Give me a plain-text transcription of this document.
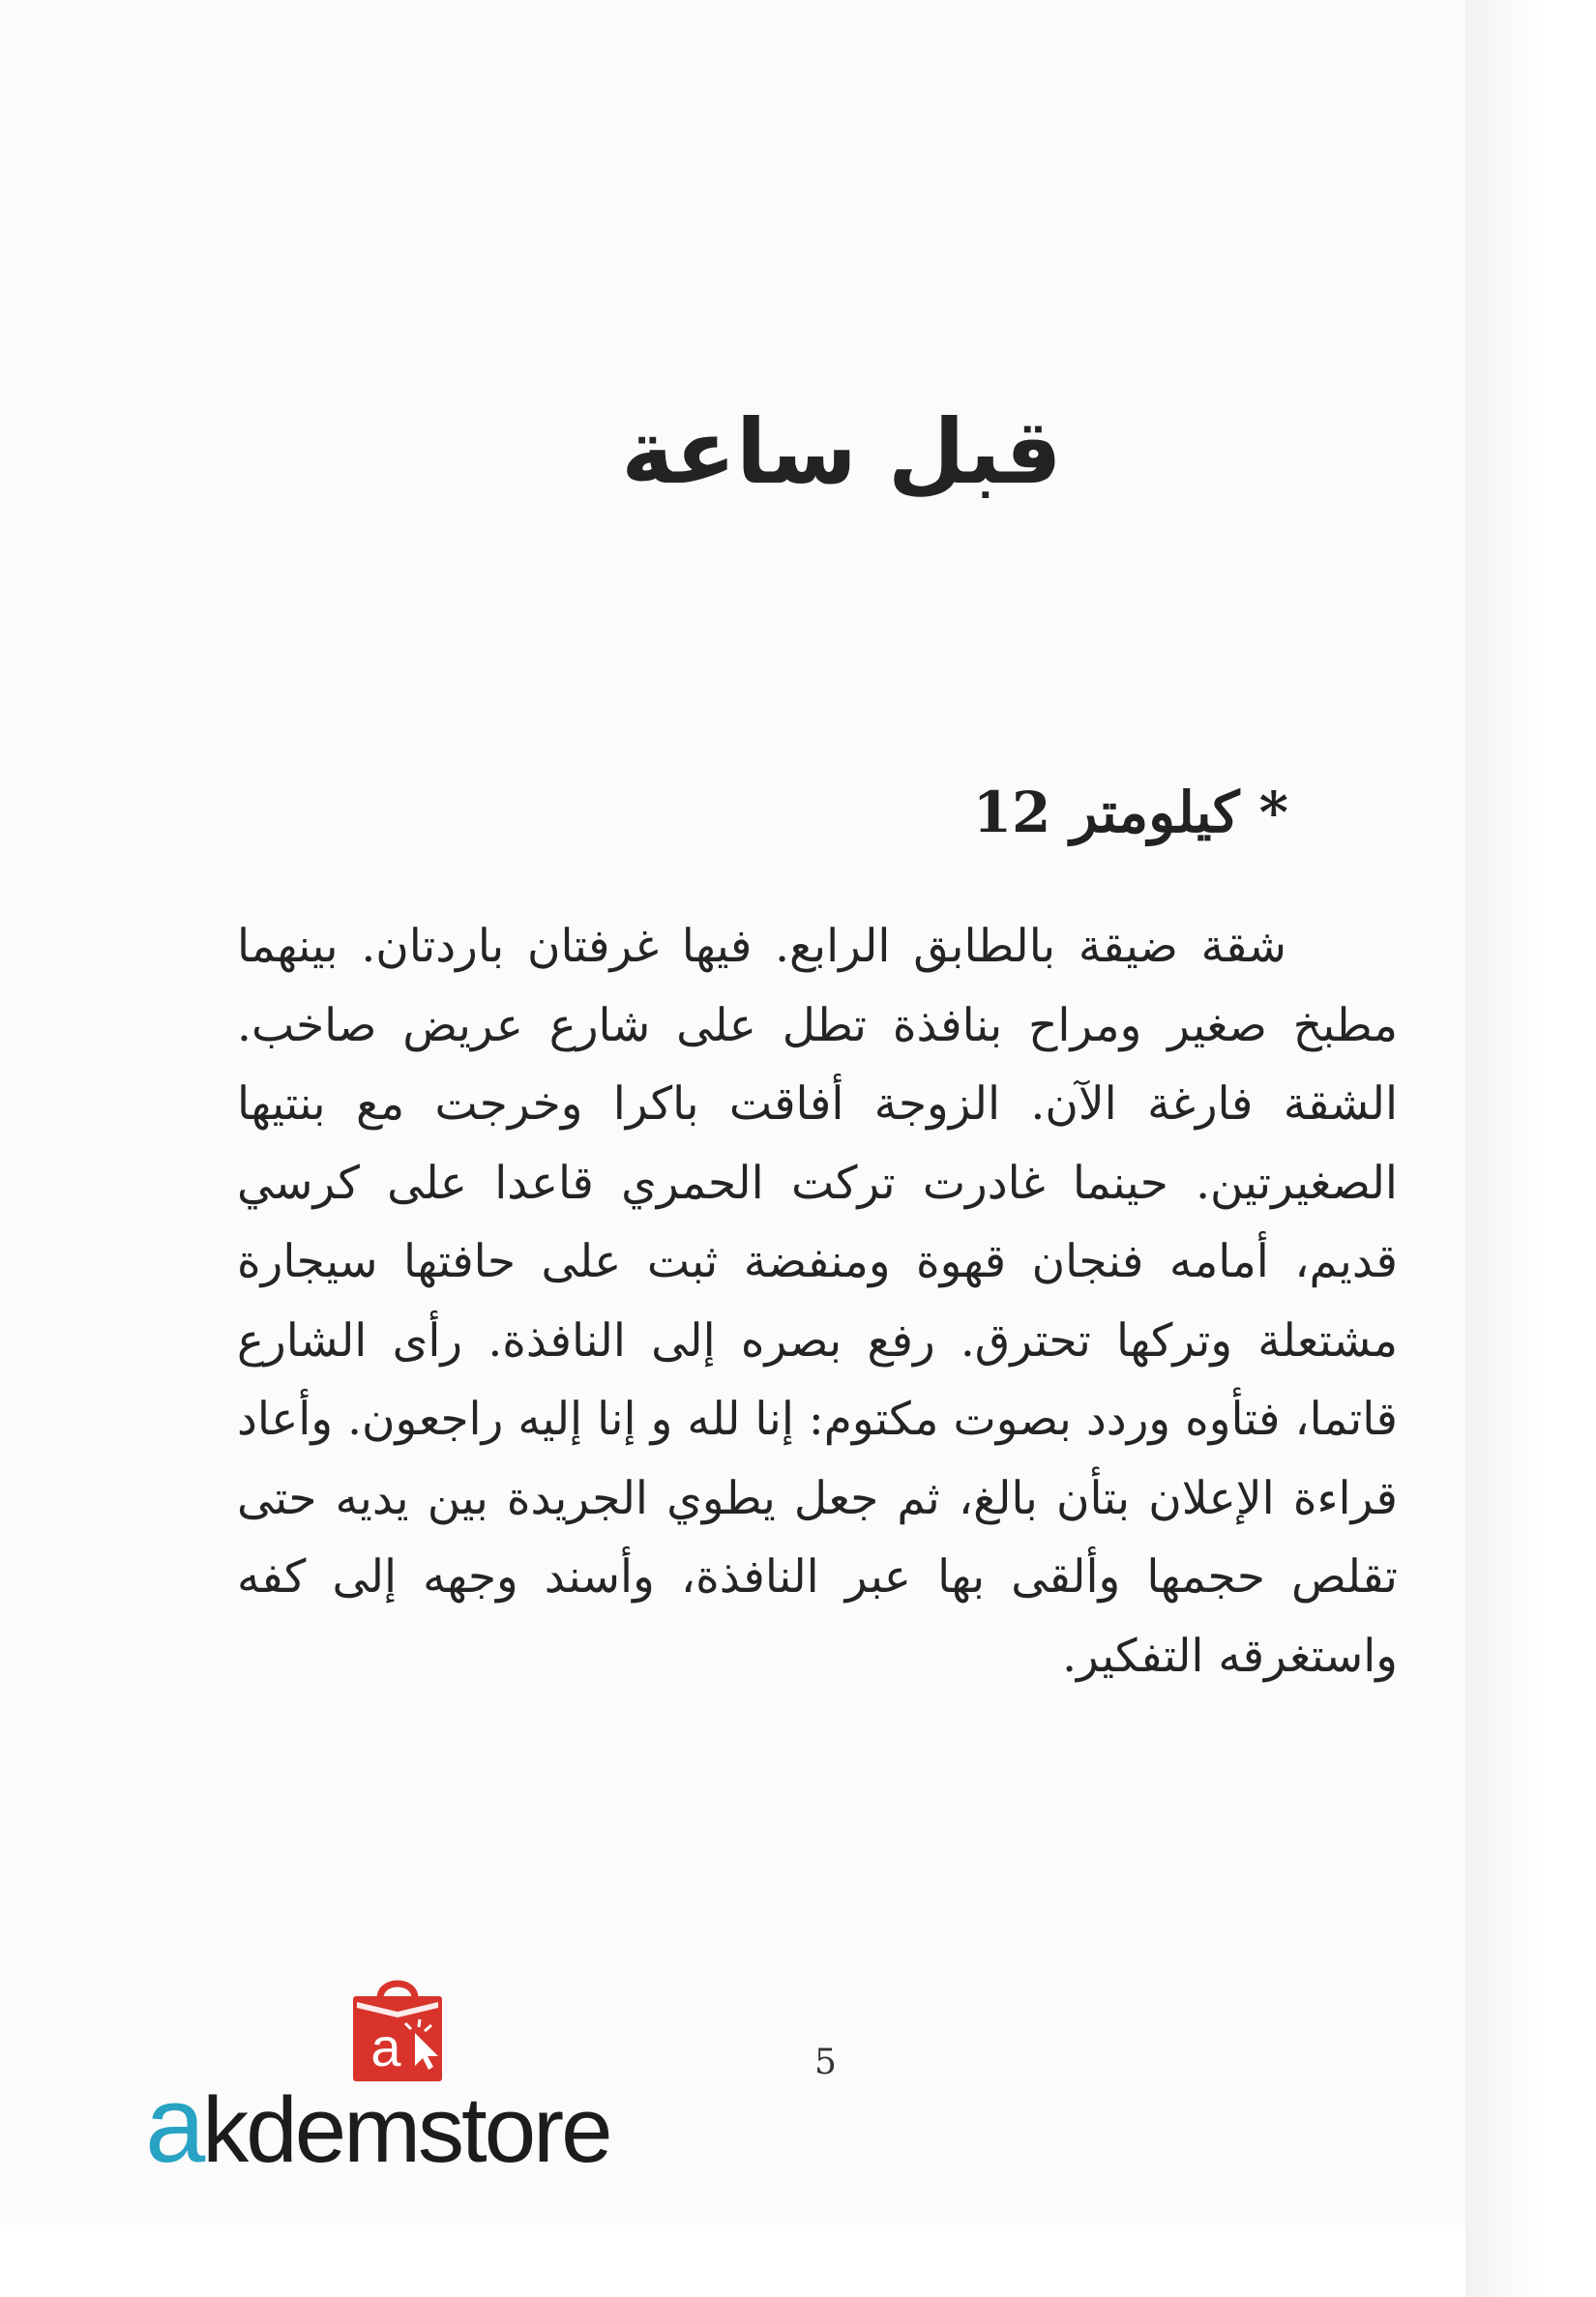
قبل ساعة
* كيلومتر 12

شقة ضيقة بالطابق الرابع. فيها غرفتان باردتان. بينهما مطبخ صغير ومراح بنافذة تطل على شارع عريض صاخب. الشقة فارغة الآن. الزوجة أفاقت باكرا وخرجت مع بنتيها الصغيرتين. حينما غادرت تركت الحمري قاعدا على كرسي قديم، أمامه فنجان قهوة ومنفضة ثبت على حافتها سيجارة مشتعلة وتركها تحترق. رفع بصره إلى النافذة. رأى الشارع قاتما، فتأوه وردد بصوت مكتوم: إنا لله و إنا إليه راجعون. وأعاد قراءة الإعلان بتأن بالغ، ثم جعل يطوي الجريدة بين يديه حتى تقلص حجمها وألقى بها عبر النافذة، وأسند وجهه إلى كفه واستغرقه التفكير.

5
a
akdemstore
